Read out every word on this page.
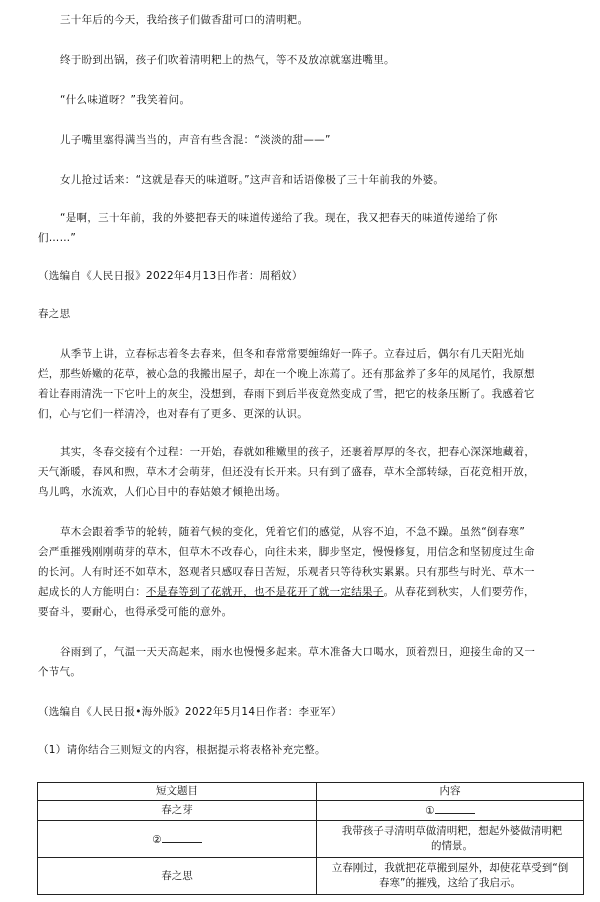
三十年后的今天，我给孩子们做香甜可口的清明粑。

终于盼到出锅，孩子们吹着清明粑上的热气，等不及放凉就塞进嘴里。

“什么味道呀？”我笑着问。

儿子嘴里塞得满当当的，声音有些含混：“淡淡的甜——”

女儿抢过话来：“这就是春天的味道呀。”这声音和话语像极了三十年前我的外婆。

“是啊，三十年前，我的外婆把春天的味道传递给了我。现在，我又把春天的味道传递给了你

们……”

（选编自《人民日报》2022年4月13日作者：周稻妏）

春之思

从季节上讲，立春标志着冬去春来，但冬和春常常要缠绵好一阵子。立春过后，偶尔有几天阳光灿

烂，那些娇嫩的花草，被心急的我搬出屋子，却在一个晚上冻蔫了。还有那盆养了多年的凤尾竹，我原想

着让春雨清洗一下它叶上的灰尘，没想到，春雨下到后半夜竟然变成了雪，把它的枝条压断了。我感着它

们，心与它们一样清冷，也对春有了更多、更深的认识。

其实，冬春交接有个过程：一开始，春就如稚嫩里的孩子，还裹着厚厚的冬衣，把春心深深地藏着，

天气渐暖，春风和煦，草木才会萌芽，但还没有长开来。只有到了盛春，草木全部转绿，百花竞相开放，

鸟儿鸣，水流欢，人们心目中的春姑娘才倾艳出场。

草木会跟着季节的轮转，随着气候的变化，凭着它们的感觉，从容不迫，不急不躁。虽然“倒春寒”

会严重摧残刚刚萌芽的草木，但草木不改春心，向往未来，脚步坚定，慢慢修复，用信念和坚韧度过生命

的长河。人有时还不如草木，怒观者只感叹春日苦短，乐观者只等待秋实累累。只有那些与时光、草木一

起成长的人方能明白：不是春等到了花就开，也不是花开了就一定结果子。从春花到秋实，人们要劳作，

要奋斗，要耐心，也得承受可能的意外。

谷雨到了，气温一天天高起来，雨水也慢慢多起来。草木准备大口喝水，顶着烈日，迎接生命的又一

个节气。

（选编自《人民日报•海外版》2022年5月14日作者：李亚军）

（1）请你结合三则短文的内容，根据提示将表格补充完整。

短文题目	内容
春之芽	①
②	我带孩子寻清明草做清明粑，想起外婆做清明粑的情景。
春之思	立春刚过，我就把花草搬到屋外，却使花草受到“倒春寒”的摧残，这给了我启示。
